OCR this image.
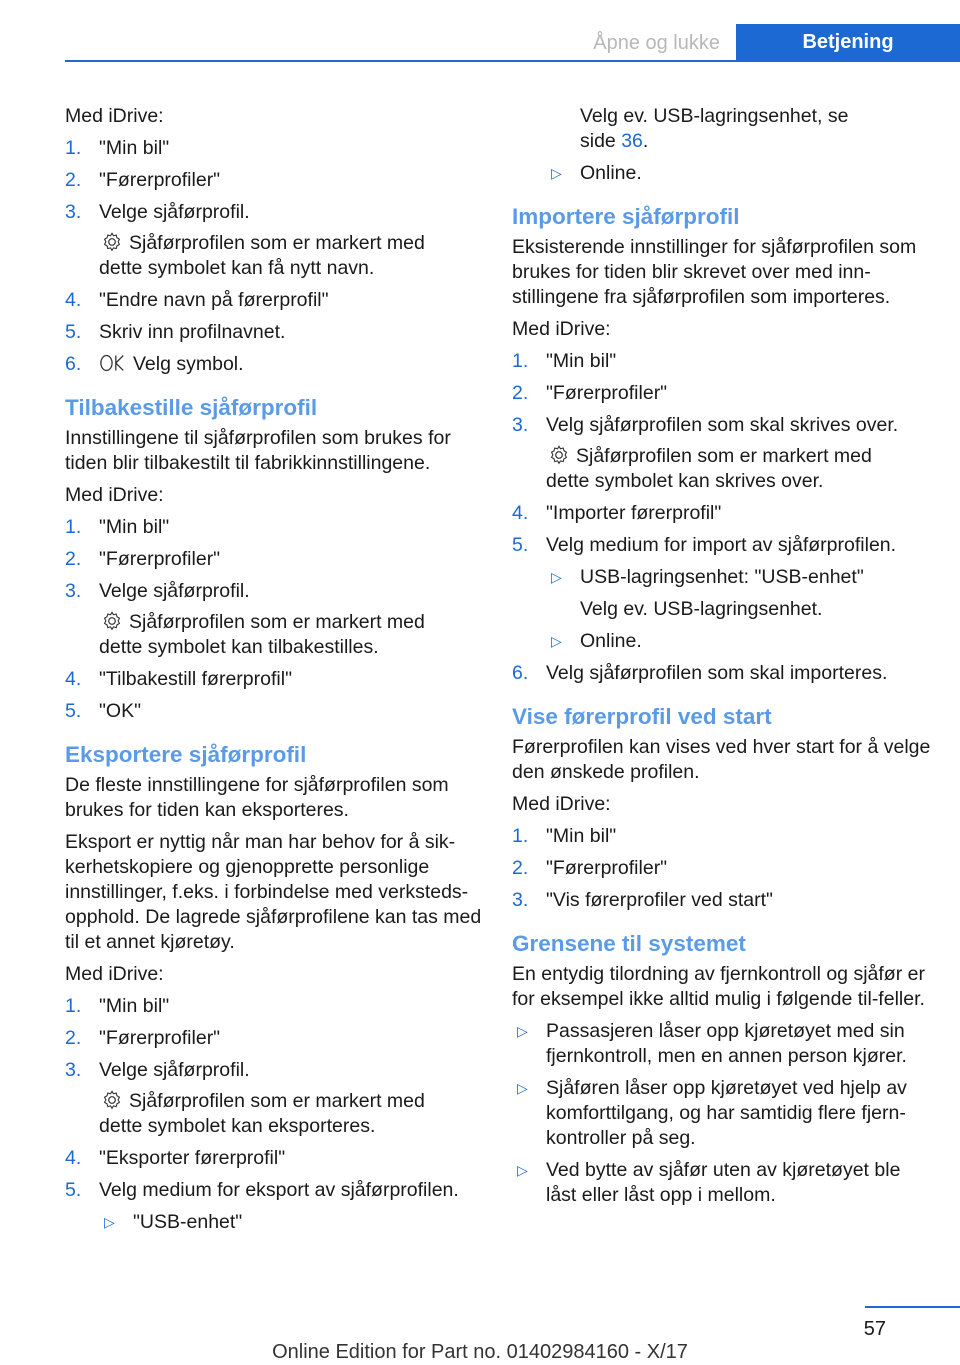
Åpne og lukke	Betjening
Med iDrive:
1. "Min bil"
2. "Førerprofiler"
3. Velge sjåførprofil.
Sjåførprofilen som er markert med
dette symbolet kan få nytt navn.
4. "Endre navn på førerprofil"
5. Skriv inn profilnavnet.
6.	Velg symbol.
Tilbakestille sjåførprofil
Innstillingene til sjåførprofilen som brukes for tiden blir tilbakestilt til fabrikkinnstillingene.
Med iDrive:
1. "Min bil"
2. "Førerprofiler"
3. Velge sjåførprofil.
Sjåførprofilen som er markert med
dette symbolet kan tilbakestilles.
4. "Tilbakestill førerprofil"
5. "OK"
Eksportere sjåførprofil
De fleste innstillingene for sjåførprofilen som brukes for tiden kan eksporteres.
Eksport er nyttig når man har behov for å sik-kerhetskopiere og gjenopprette personlige innstillinger, f.eks. i forbindelse med verksteds-opphold. De lagrede sjåførprofilene kan tas med til et annet kjøretøy.
Med iDrive:
1. "Min bil"
2. "Førerprofiler"
3. Velge sjåførprofil.
Sjåførprofilen som er markert med
dette symbolet kan eksporteres.
4. "Eksporter førerprofil"
5. Velg medium for eksport av sjåførprofilen.
▷ "USB-enhet"
Velg ev. USB-lagringsenhet, se
side 36.
▷ Online.
Importere sjåførprofil
Eksisterende innstillinger for sjåførprofilen som brukes for tiden blir skrevet over med inn-stillingene fra sjåførprofilen som importeres.
Med iDrive:
1. "Min bil"
2. "Førerprofiler"
3. Velg sjåførprofilen som skal skrives over.
Sjåførprofilen som er markert med
dette symbolet kan skrives over.
4. "Importer førerprofil"
5. Velg medium for import av sjåførprofilen.
▷ USB-lagringsenhet: "USB-enhet"
Velg ev. USB-lagringsenhet.
▷ Online.
6. Velg sjåførprofilen som skal importeres.
Vise førerprofil ved start
Førerprofilen kan vises ved hver start for å velge den ønskede profilen.
Med iDrive:
1. "Min bil"
2. "Førerprofiler"
3. "Vis førerprofiler ved start"
Grensene til systemet
En entydig tilordning av fjernkontroll og sjåfør er for eksempel ikke alltid mulig i følgende til-feller.
▷ Passasjeren låser opp kjøretøyet med sin fjernkontroll, men en annen person kjører.
▷ Sjåføren låser opp kjøretøyet ved hjelp av komforttilgang, og har samtidig flere fjern-kontroller på seg.
▷ Ved bytte av sjåfør uten av kjøretøyet ble låst eller låst opp i mellom.
57
Online Edition for Part no. 01402984160 - X/17
